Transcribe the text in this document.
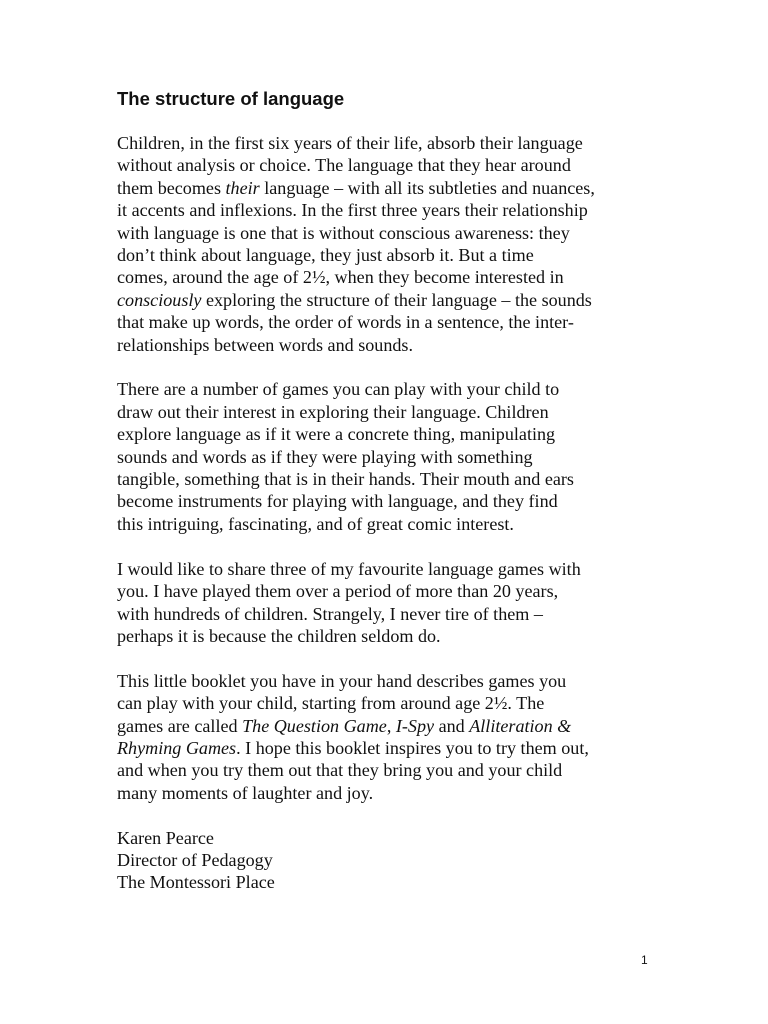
The structure of language

Children, in the first six years of their life, absorb their language
without analysis or choice. The language that they hear around
them becomes their language – with all its subtleties and nuances,
it accents and inflexions. In the first three years their relationship
with language is one that is without conscious awareness: they
don’t think about language, they just absorb it. But a time
comes, around the age of 2½, when they become interested in
consciously exploring the structure of their language – the sounds
that make up words, the order of words in a sentence, the inter-
relationships between words and sounds.

There are a number of games you can play with your child to
draw out their interest in exploring their language. Children
explore language as if it were a concrete thing, manipulating
sounds and words as if they were playing with something
tangible, something that is in their hands. Their mouth and ears
become instruments for playing with language, and they find
this intriguing, fascinating, and of great comic interest.

I would like to share three of my favourite language games with
you. I have played them over a period of more than 20 years,
with hundreds of children. Strangely, I never tire of them –
perhaps it is because the children seldom do.

This little booklet you have in your hand describes games you
can play with your child, starting from around age 2½. The
games are called The Question Game, I-Spy and Alliteration &
Rhyming Games. I hope this booklet inspires you to try them out,
and when you try them out that they bring you and your child
many moments of laughter and joy.

Karen Pearce
Director of Pedagogy
The Montessori Place

1
